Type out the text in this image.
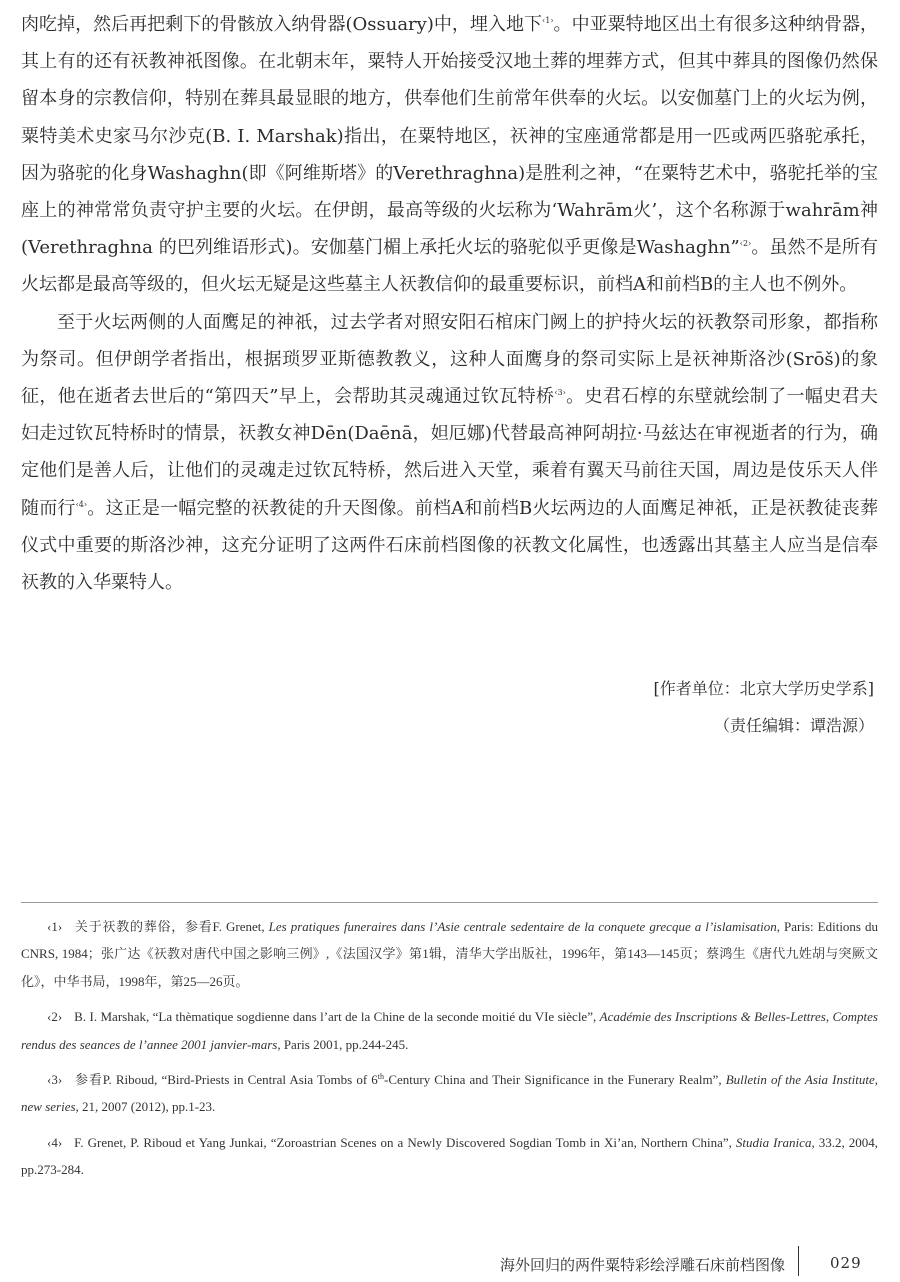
肉吃掉，然后再把剩下的骨骸放入纳骨器(Ossuary)中，埋入地下$^{‹1›}$。中亚粟特地区出土有很多这种纳骨器，其上有的还有祆教神祇图像。在北朝末年，粟特人开始接受汉地土葬的埋葬方式，但其中葬具的图像仍然保留本身的宗教信仰，特别在葬具最显眼的地方，供奉他们生前常年供奉的火坛。以安伽墓门上的火坛为例，粟特美术史家马尔沙克(B. I. Marshak)指出，在粟特地区，祆神的宝座通常都是用一匹或两匹骆驼承托，因为骆驼的化身Washaghn(即《阿维斯塔》的Verethraghna)是胜利之神，“在粟特艺术中，骆驼托举的宝座上的神常常负责守护主要的火坛。在伊朗，最高等级的火坛称为‘Wahrām火’，这个名称源于wahrām神(Verethraghna 的巴列维语形式)。安伽墓门楣上承托火坛的骆驼似乎更像是Washaghn”$^{‹2›}$。虽然不是所有火坛都是最高等级的，但火坛无疑是这些墓主人祆教信仰的最重要标识，前档A和前档B的主人也不例外。

至于火坛两侧的人面鹰足的神祇，过去学者对照安阳石棺床门阙上的护持火坛的祆教祭司形象，都指称为祭司。但伊朗学者指出，根据琐罗亚斯德教教义，这种人面鹰身的祭司实际上是祆神斯洛沙(Srōš)的象征，他在逝者去世后的“第四天”早上，会帮助其灵魂通过钦瓦特桥$^{‹3›}$。史君石椁的东壁就绘制了一幅史君夫妇走过钦瓦特桥时的情景，祆教女神Dēn(Daēnā，妲厄娜)代替最高神阿胡拉·马兹达在审视逝者的行为，确定他们是善人后，让他们的灵魂走过钦瓦特桥，然后进入天堂，乘着有翼天马前往天国，周边是伎乐天人伴随而行$^{‹4›}$。这正是一幅完整的祆教徒的升天图像。前档A和前档B火坛两边的人面鹰足神祇，正是祆教徒丧葬仪式中重要的斯洛沙神，这充分证明了这两件石床前档图像的祆教文化属性，也透露出其墓主人应当是信奉祆教的入华粟特人。

[作者单位：北京大学历史学系]
（责任编辑：谭浩源）

‹1› 关于祆教的葬俗，参看F. Grenet, Les pratiques funeraires dans l’Asie centrale sedentaire de la conquete grecque a l’islamisation, Paris: Editions du CNRS, 1984；张广达《祆教对唐代中国之影响三例》,《法国汉学》第1辑，清华大学出版社，1996年，第143—145页；蔡鸿生《唐代九姓胡与突厥文化》，中华书局，1998年，第25—26页。

‹2› B. I. Marshak, “La thèmatique sogdienne dans l’art de la Chine de la seconde moitié du VIe siècle”, Académie des Inscriptions & Belles-Lettres, Comptes rendus des seances de l’annee 2001 janvier-mars, Paris 2001, pp.244-245.

‹3› 参看P. Riboud, “Bird-Priests in Central Asia Tombs of 6th-Century China and Their Significance in the Funerary Realm”, Bulletin of the Asia Institute, new series, 21, 2007 (2012), pp.1-23.

‹4› F. Grenet, P. Riboud et Yang Junkai, “Zoroastrian Scenes on a Newly Discovered Sogdian Tomb in Xi’an, Northern China”, Studia Iranica, 33.2, 2004, pp.273-284.

海外回归的两件粟特彩绘浮雕石床前档图像	029
